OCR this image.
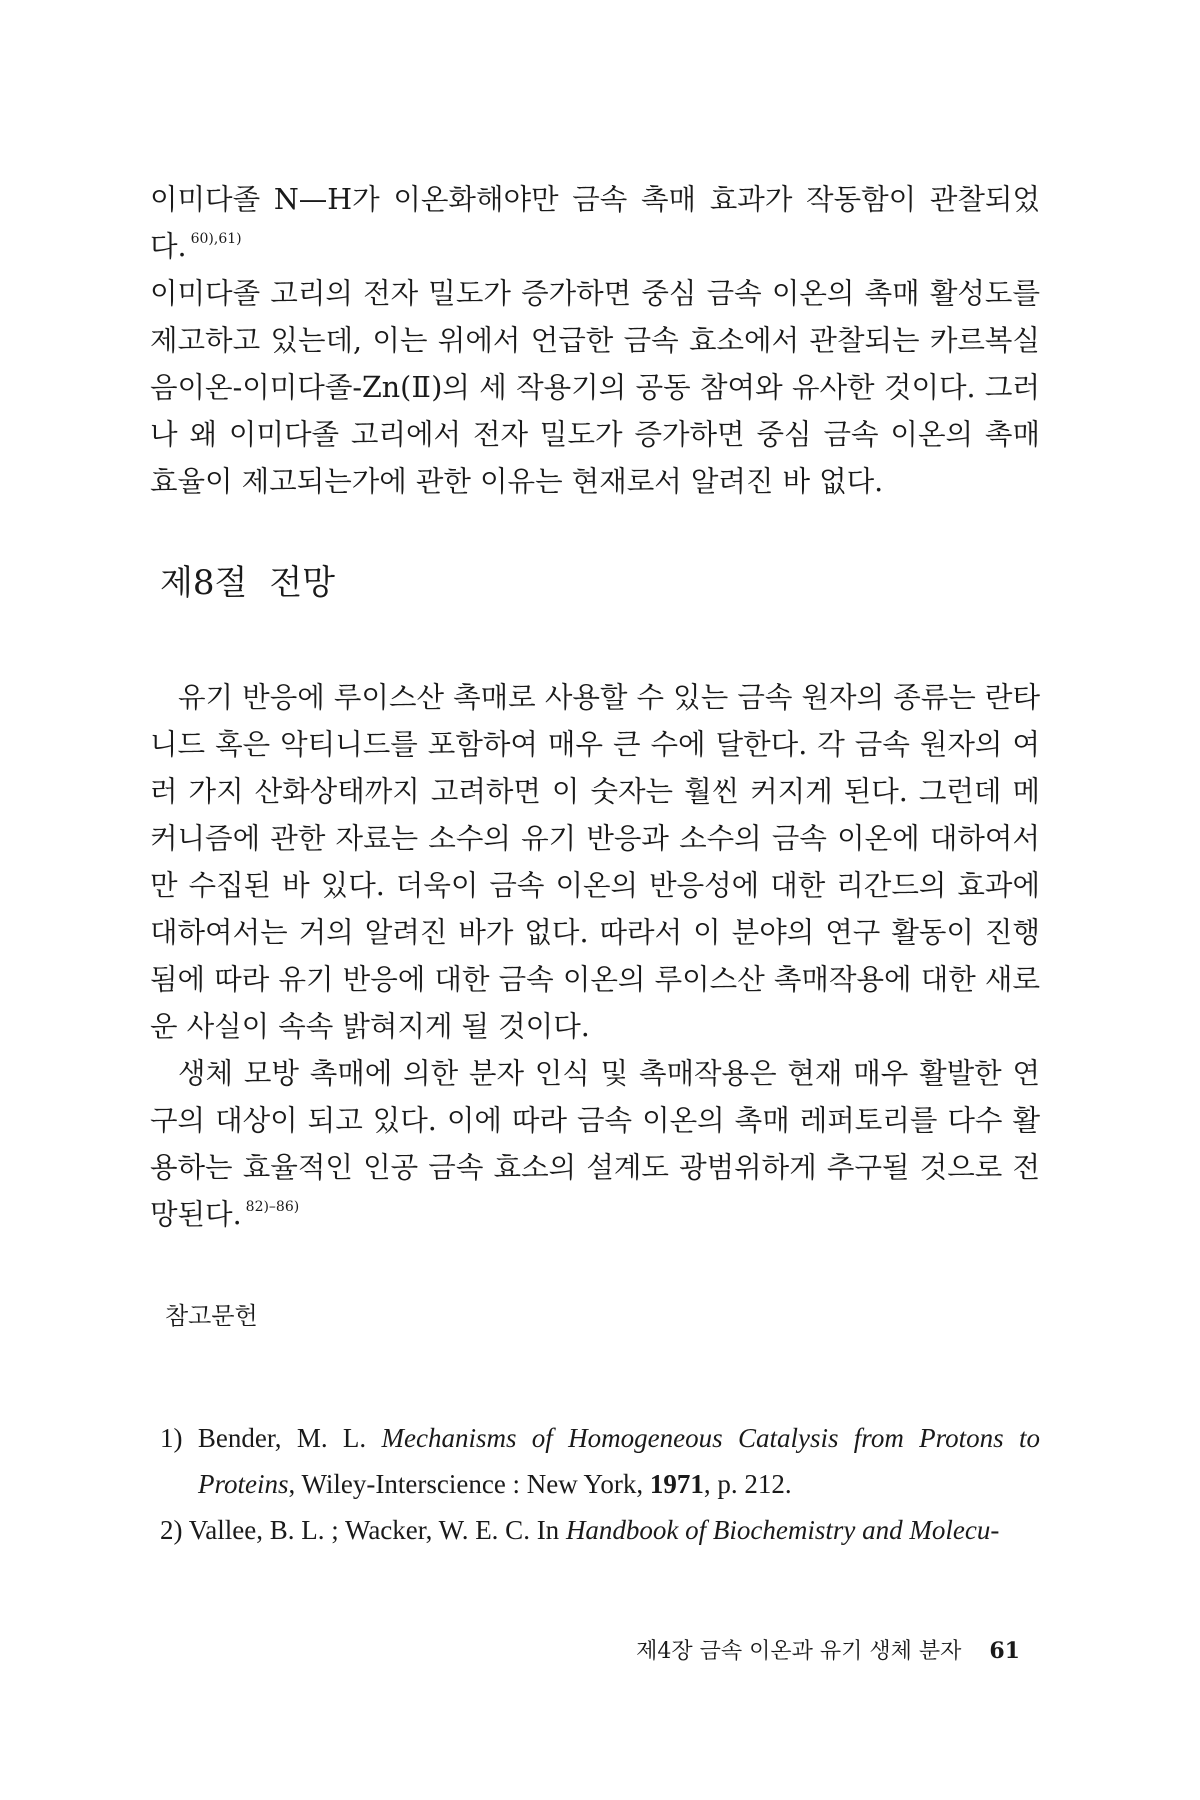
이미다졸 N—H가 이온화해야만 금속 촉매 효과가 작동함이 관찰되었다. $^{60),61)}$

이미다졸 고리의 전자 밀도가 증가하면 중심 금속 이온의 촉매 활성도를 제고하고 있는데, 이는 위에서 언급한 금속 효소에서 관찰되는 카르복실 음이온-이미다졸-Zn(Ⅱ)의 세 작용기의 공동 참여와 유사한 것이다. 그러나 왜 이미다졸 고리에서 전자 밀도가 증가하면 중심 금속 이온의 촉매 효율이 제고되는가에 관한 이유는 현재로서 알려진 바 없다.

제8절 전망

유기 반응에 루이스산 촉매로 사용할 수 있는 금속 원자의 종류는 란타니드 혹은 악티니드를 포함하여 매우 큰 수에 달한다. 각 금속 원자의 여러 가지 산화상태까지 고려하면 이 숫자는 훨씬 커지게 된다. 그런데 메커니즘에 관한 자료는 소수의 유기 반응과 소수의 금속 이온에 대하여서만 수집된 바 있다. 더욱이 금속 이온의 반응성에 대한 리간드의 효과에 대하여서는 거의 알려진 바가 없다. 따라서 이 분야의 연구 활동이 진행됨에 따라 유기 반응에 대한 금속 이온의 루이스산 촉매작용에 대한 새로운 사실이 속속 밝혀지게 될 것이다.

생체 모방 촉매에 의한 분자 인식 및 촉매작용은 현재 매우 활발한 연구의 대상이 되고 있다. 이에 따라 금속 이온의 촉매 레퍼토리를 다수 활용하는 효율적인 인공 금속 효소의 설계도 광범위하게 추구될 것으로 전망된다. $^{82)-86)}$

참고문헌

1) Bender, M. L. Mechanisms of Homogeneous Catalysis from Protons to Proteins, Wiley-Interscience : New York, 1971, p. 212.

2) Vallee, B. L. ; Wacker, W. E. C. In Handbook of Biochemistry and Molecu-

제4장 금속 이온과 유기 생체 분자 61
